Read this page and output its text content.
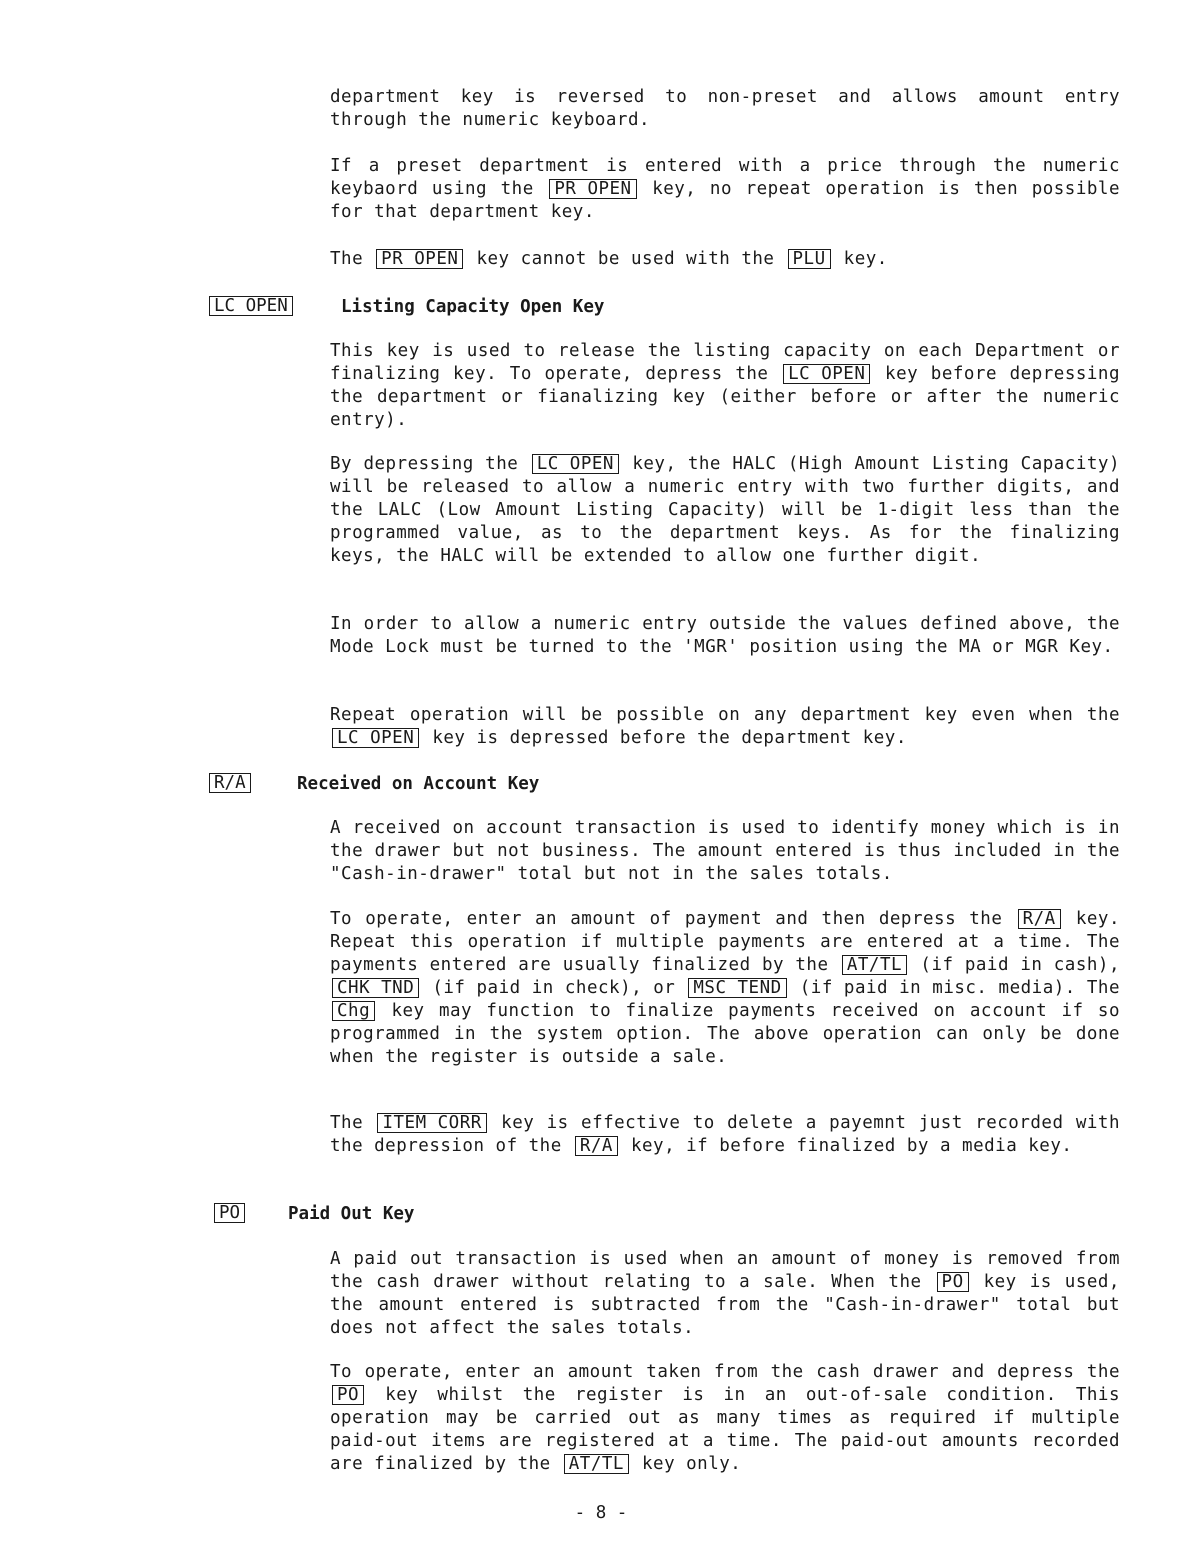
department key is reversed to non-preset and allows amount entry through the numeric keyboard.
If a preset department is entered with a price through the numeric keybaord using the PR OPEN key, no repeat operation is then possible for that department key.
The PR OPEN key cannot be used with the PLU key.
LC OPEN	Listing Capacity Open Key
This key is used to release the listing capacity on each Department or finalizing key. To operate, depress the LC OPEN key before depressing the department or fianalizing key (either before or after the numeric entry).
By depressing the LC OPEN key, the HALC (High Amount Listing Capacity) will be released to allow a numeric entry with two further digits, and the LALC (Low Amount Listing Capacity) will be 1-digit less than the programmed value, as to the department keys. As for the finalizing keys, the HALC will be extended to allow one further digit.
In order to allow a numeric entry outside the values defined above, the Mode Lock must be turned to the 'MGR' position using the MA or MGR Key.
Repeat operation will be possible on any department key even when the LC OPEN key is depressed before the department key.
R/A	Received on Account Key
A received on account transaction is used to identify money which is in the drawer but not business. The amount entered is thus included in the "Cash-in-drawer" total but not in the sales totals.
To operate, enter an amount of payment and then depress the R/A key. Repeat this operation if multiple payments are entered at a time. The payments entered are usually finalized by the AT/TL (if paid in cash), CHK TND (if paid in check), or MSC TEND (if paid in misc. media). The Chg key may function to finalize payments received on account if so programmed in the system option. The above operation can only be done when the register is outside a sale.
The ITEM CORR key is effective to delete a payemnt just recorded with the depression of the R/A key, if before finalized by a media key.
PO	Paid Out Key
A paid out transaction is used when an amount of money is removed from the cash drawer without relating to a sale. When the PO key is used, the amount entered is subtracted from the "Cash-in-drawer" total but does not affect the sales totals.
To operate, enter an amount taken from the cash drawer and depress the PO key whilst the register is in an out-of-sale condition. This operation may be carried out as many times as required if multiple paid-out items are registered at a time. The paid-out amounts recorded are finalized by the AT/TL key only.
- 8 -
